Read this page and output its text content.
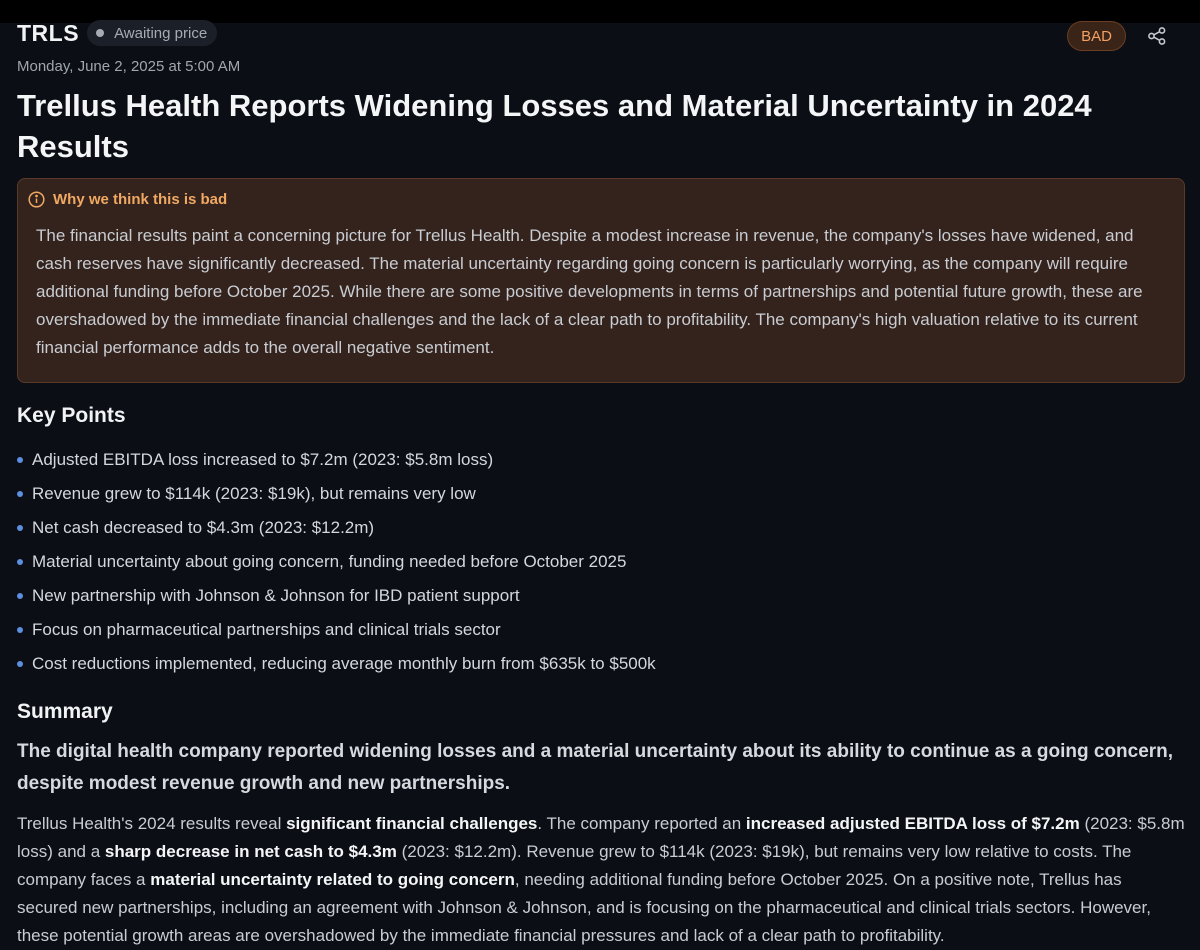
TRLS Awaiting price	BAD
Monday, June 2, 2025 at 5:00 AM
Trellus Health Reports Widening Losses and Material Uncertainty in 2024 Results
Why we think this is bad
The financial results paint a concerning picture for Trellus Health. Despite a modest increase in revenue, the company's losses have widened, and cash reserves have significantly decreased. The material uncertainty regarding going concern is particularly worrying, as the company will require additional funding before October 2025. While there are some positive developments in terms of partnerships and potential future growth, these are overshadowed by the immediate financial challenges and the lack of a clear path to profitability. The company's high valuation relative to its current financial performance adds to the overall negative sentiment.
Key Points
Adjusted EBITDA loss increased to $7.2m (2023: $5.8m loss)
Revenue grew to $114k (2023: $19k), but remains very low
Net cash decreased to $4.3m (2023: $12.2m)
Material uncertainty about going concern, funding needed before October 2025
New partnership with Johnson & Johnson for IBD patient support
Focus on pharmaceutical partnerships and clinical trials sector
Cost reductions implemented, reducing average monthly burn from $635k to $500k
Summary
The digital health company reported widening losses and a material uncertainty about its ability to continue as a going concern, despite modest revenue growth and new partnerships.
Trellus Health's 2024 results reveal significant financial challenges. The company reported an increased adjusted EBITDA loss of $7.2m (2023: $5.8m loss) and a sharp decrease in net cash to $4.3m (2023: $12.2m). Revenue grew to $114k (2023: $19k), but remains very low relative to costs. The company faces a material uncertainty related to going concern, needing additional funding before October 2025. On a positive note, Trellus has secured new partnerships, including an agreement with Johnson & Johnson, and is focusing on the pharmaceutical and clinical trials sectors. However, these potential growth areas are overshadowed by the immediate financial pressures and lack of a clear path to profitability.
